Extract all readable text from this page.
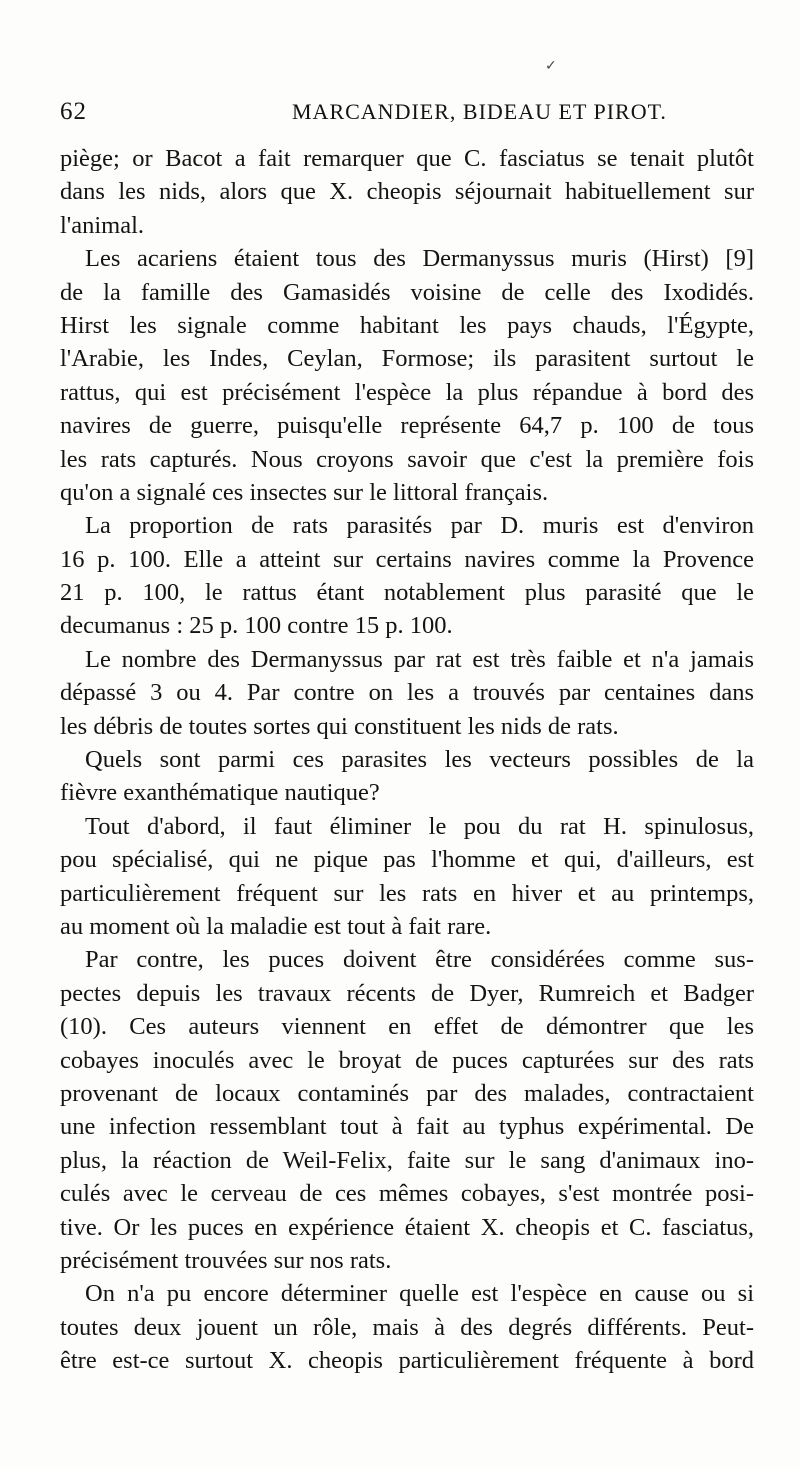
✓
62	MARCANDIER, BIDEAU ET PIROT.
piège; or Bacot a fait remarquer que C. fasciatus se tenait plutôt
dans les nids, alors que X. cheopis séjournait habituellement sur
l'animal.
Les acariens étaient tous des Dermanyssus muris (Hirst) [9]
de la famille des Gamasidés voisine de celle des Ixodidés.
Hirst les signale comme habitant les pays chauds, l'Égypte,
l'Arabie, les Indes, Ceylan, Formose; ils parasitent surtout le
rattus, qui est précisément l'espèce la plus répandue à bord des
navires de guerre, puisqu'elle représente 64,7 p. 100 de tous
les rats capturés. Nous croyons savoir que c'est la première fois
qu'on a signalé ces insectes sur le littoral français.
La proportion de rats parasités par D. muris est d'environ
16 p. 100. Elle a atteint sur certains navires comme la Provence
21 p. 100, le rattus étant notablement plus parasité que le
decumanus : 25 p. 100 contre 15 p. 100.
Le nombre des Dermanyssus par rat est très faible et n'a jamais
dépassé 3 ou 4. Par contre on les a trouvés par centaines dans
les débris de toutes sortes qui constituent les nids de rats.
Quels sont parmi ces parasites les vecteurs possibles de la
fièvre exanthématique nautique?
Tout d'abord, il faut éliminer le pou du rat H. spinulosus,
pou spécialisé, qui ne pique pas l'homme et qui, d'ailleurs, est
particulièrement fréquent sur les rats en hiver et au printemps,
au moment où la maladie est tout à fait rare.
Par contre, les puces doivent être considérées comme sus-
pectes depuis les travaux récents de Dyer, Rumreich et Badger
(10). Ces auteurs viennent en effet de démontrer que les
cobayes inoculés avec le broyat de puces capturées sur des rats
provenant de locaux contaminés par des malades, contractaient
une infection ressemblant tout à fait au typhus expérimental. De
plus, la réaction de Weil-Felix, faite sur le sang d'animaux ino-
culés avec le cerveau de ces mêmes cobayes, s'est montrée posi-
tive. Or les puces en expérience étaient X. cheopis et C. fasciatus,
précisément trouvées sur nos rats.
On n'a pu encore déterminer quelle est l'espèce en cause ou si
toutes deux jouent un rôle, mais à des degrés différents. Peut-
être est-ce surtout X. cheopis particulièrement fréquente à bord
